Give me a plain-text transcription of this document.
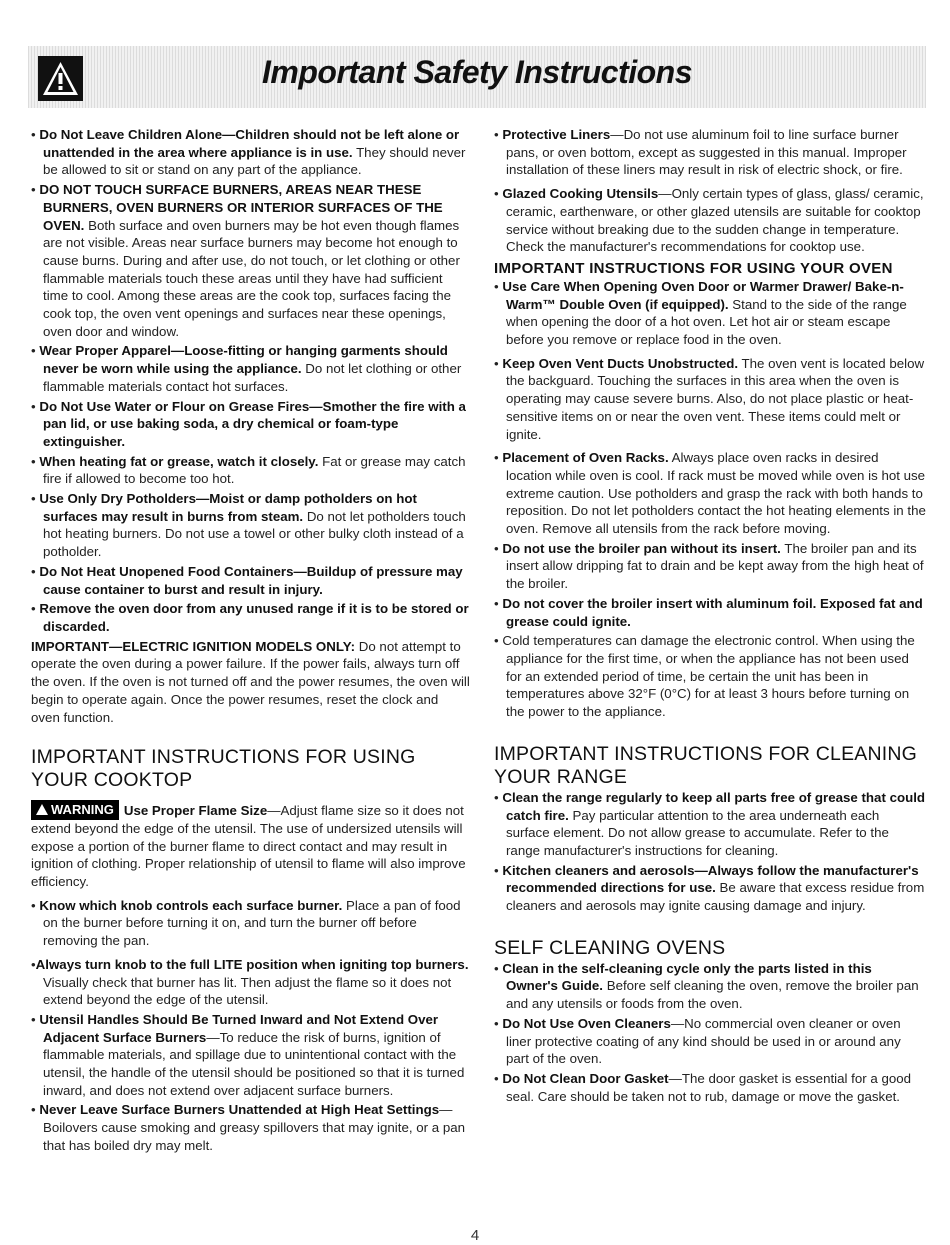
Important Safety Instructions

• Do Not Leave Children Alone—Children should not be left alone or unattended in the area where appliance is in use. They should never be allowed to sit or stand on any part of the appliance.

• DO NOT TOUCH SURFACE BURNERS, AREAS NEAR THESE BURNERS, OVEN BURNERS OR INTERIOR SURFACES OF THE OVEN. Both surface and oven burners may be hot even though flames are not visible. Areas near surface burners may become hot enough to cause burns. During and after use, do not touch, or let clothing or other flammable materials touch these areas until they have had sufficient time to cool. Among these areas are the cook top, surfaces facing the cook top, the oven vent openings and surfaces near these openings, oven door and window.

• Wear Proper Apparel—Loose-fitting or hanging garments should never be worn while using the appliance. Do not let clothing or other flammable materials contact hot surfaces.

• Do Not Use Water or Flour on Grease Fires—Smother the fire with a pan lid, or use baking soda, a dry chemical or foam-type extinguisher.

• When heating fat or grease, watch it closely. Fat or grease may catch fire if allowed to become too hot.

• Use Only Dry Potholders—Moist or damp potholders on hot surfaces may result in burns from steam. Do not let potholders touch hot heating burners. Do not use a towel or other bulky cloth instead of a potholder.

• Do Not Heat Unopened Food Containers—Buildup of pressure may cause container to burst and result in injury.

• Remove the oven door from any unused range if it is to be stored or discarded.

IMPORTANT—ELECTRIC IGNITION MODELS ONLY: Do not attempt to operate the oven during a power failure. If the power fails, always turn off the oven. If the oven is not turned off and the power resumes, the oven will begin to operate again. Once the power resumes, reset the clock and oven function.

IMPORTANT INSTRUCTIONS FOR USING YOUR COOKTOP

WARNING Use Proper Flame Size—Adjust flame size so it does not extend beyond the edge of the utensil. The use of undersized utensils will expose a portion of the burner flame to direct contact and may result in ignition of clothing. Proper relationship of utensil to flame will also improve efficiency.

• Know which knob controls each surface burner. Place a pan of food on the burner before turning it on, and turn the burner off before removing the pan.

•Always turn knob to the full LITE position when igniting top burners. Visually check that burner has lit. Then adjust the flame so it does not extend beyond the edge of the utensil.

• Utensil Handles Should Be Turned Inward and Not Extend Over Adjacent Surface Burners—To reduce the risk of burns, ignition of flammable materials, and spillage due to unintentional contact with the utensil, the handle of the utensil should be positioned so that it is turned inward, and does not extend over adjacent surface burners.

• Never Leave Surface Burners Unattended at High Heat Settings—Boilovers cause smoking and greasy spillovers that may ignite, or a pan that has boiled dry may melt.

• Protective Liners—Do not use aluminum foil to line surface burner pans, or oven bottom, except as suggested in this manual. Improper installation of these liners may result in risk of electric shock, or fire.

• Glazed Cooking Utensils—Only certain types of glass, glass/ ceramic, ceramic, earthenware, or other glazed utensils are suitable for cooktop service without breaking due to the sudden change in temperature. Check the manufacturer's recommendations for cooktop use.

IMPORTANT INSTRUCTIONS FOR USING YOUR OVEN

• Use Care When Opening Oven Door or Warmer Drawer/ Bake-n-Warm™ Double Oven (if equipped). Stand to the side of the range when opening the door of a hot oven. Let hot air or steam escape before you remove or replace food in the oven.

• Keep Oven Vent Ducts Unobstructed. The oven vent is located below the backguard. Touching the surfaces in this area when the oven is operating may cause severe burns. Also, do not place plastic or heat-sensitive items on or near the oven vent. These items could melt or ignite.

• Placement of Oven Racks. Always place oven racks in desired location while oven is cool. If rack must be moved while oven is hot use extreme caution. Use potholders and grasp the rack with both hands to reposition. Do not let potholders contact the hot heating elements in the oven. Remove all utensils from the rack before moving.

• Do not use the broiler pan without its insert. The broiler pan and its insert allow dripping fat to drain and be kept away from the high heat of the broiler.

• Do not cover the broiler insert with aluminum foil. Exposed fat and grease could ignite.

• Cold temperatures can damage the electronic control. When using the appliance for the first time, or when the appliance has not been used for an extended period of time, be certain the unit has been in temperatures above 32°F (0°C) for at least 3 hours before turning on the power to the appliance.

IMPORTANT INSTRUCTIONS FOR CLEANING YOUR RANGE

• Clean the range regularly to keep all parts free of grease that could catch fire. Pay particular attention to the area underneath each surface element. Do not allow grease to accumulate. Refer to the range manufacturer's instructions for cleaning.

• Kitchen cleaners and aerosols—Always follow the manufacturer's recommended directions for use. Be aware that excess residue from cleaners and aerosols may ignite causing damage and injury.

SELF CLEANING OVENS

• Clean in the self-cleaning cycle only the parts listed in this Owner's Guide. Before self cleaning the oven, remove the broiler pan and any utensils or foods from the oven.

• Do Not Use Oven Cleaners—No commercial oven cleaner or oven liner protective coating of any kind should be used in or around any part of the oven.

• Do Not Clean Door Gasket—The door gasket is essential for a good seal. Care should be taken not to rub, damage or move the gasket.

4
